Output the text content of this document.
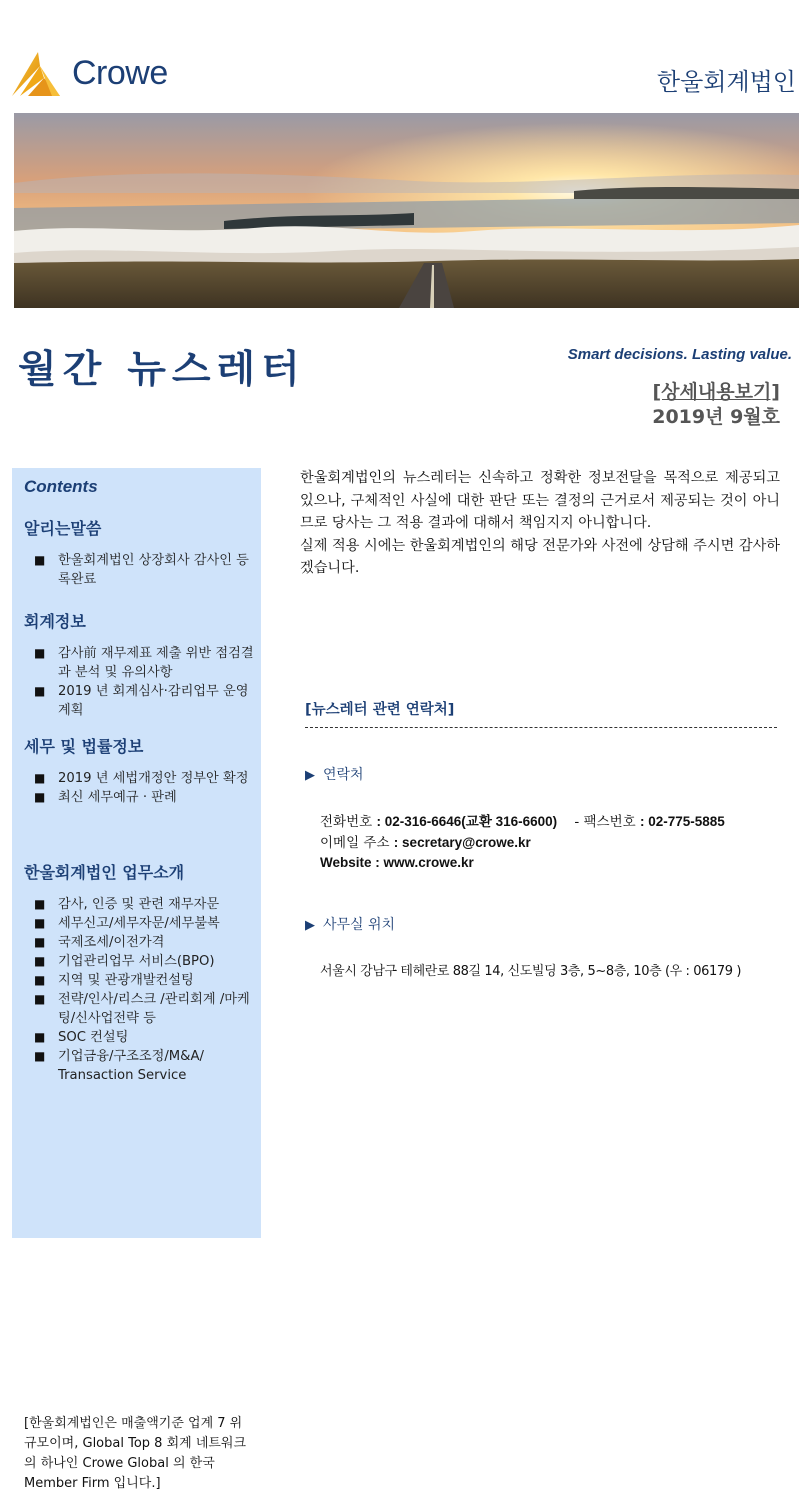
Crowe	한울회계법인
월간 뉴스레터	Smart decisions. Lasting value.
[상세내용보기]
2019년 9월호
Contents
알리는말씀
■ 한울회계법인 상장회사 감사인 등록완료
회계정보
■ 감사前 재무제표 제출 위반 점검결과 분석 및 유의사항
■ 2019 년 회계심사·감리업무 운영계획
세무 및 법률정보
■ 2019 년 세법개정안 정부안 확정
■ 최신 세무예규 · 판례
한울회계법인 업무소개
■ 감사, 인증 및 관련 재무자문
■ 세무신고/세무자문/세무불복
■ 국제조세/이전가격
■ 기업관리업무 서비스(BPO)
■ 지역 및 관광개발컨설팅
■ 전략/인사/리스크 /관리회계 /마케팅/신사업전략 등
■ SOC 컨설팅
■ 기업금융/구조조정/M&A/ Transaction Service
[한울회계법인은 매출액기준 업계 7 위 규모이며, Global Top 8 회계 네트워크의 하나인 Crowe Global 의 한국 Member Firm 입니다.]

한울회계법인의 뉴스레터는 신속하고 정확한 정보전달을 목적으로 제공되고 있으나, 구체적인 사실에 대한 판단 또는 결정의 근거로서 제공되는 것이 아니므로 당사는 그 적용 결과에 대해서 책임지지 아니합니다.

실제 적용 시에는 한울회계법인의 해당 전문가와 사전에 상담해 주시면 감사하겠습니다.

[뉴스레터 관련 연락처]
▶ 연락처
전화번호 : 02-316-6646(교환 316-6600)    - 팩스번호 : 02-775-5885
이메일 주소 : secretary@crowe.kr
Website : www.crowe.kr
▶ 사무실 위치
서울시 강남구 테헤란로 88길 14, 신도빌딩 3층, 5~8층, 10층 (우 : 06179 )
